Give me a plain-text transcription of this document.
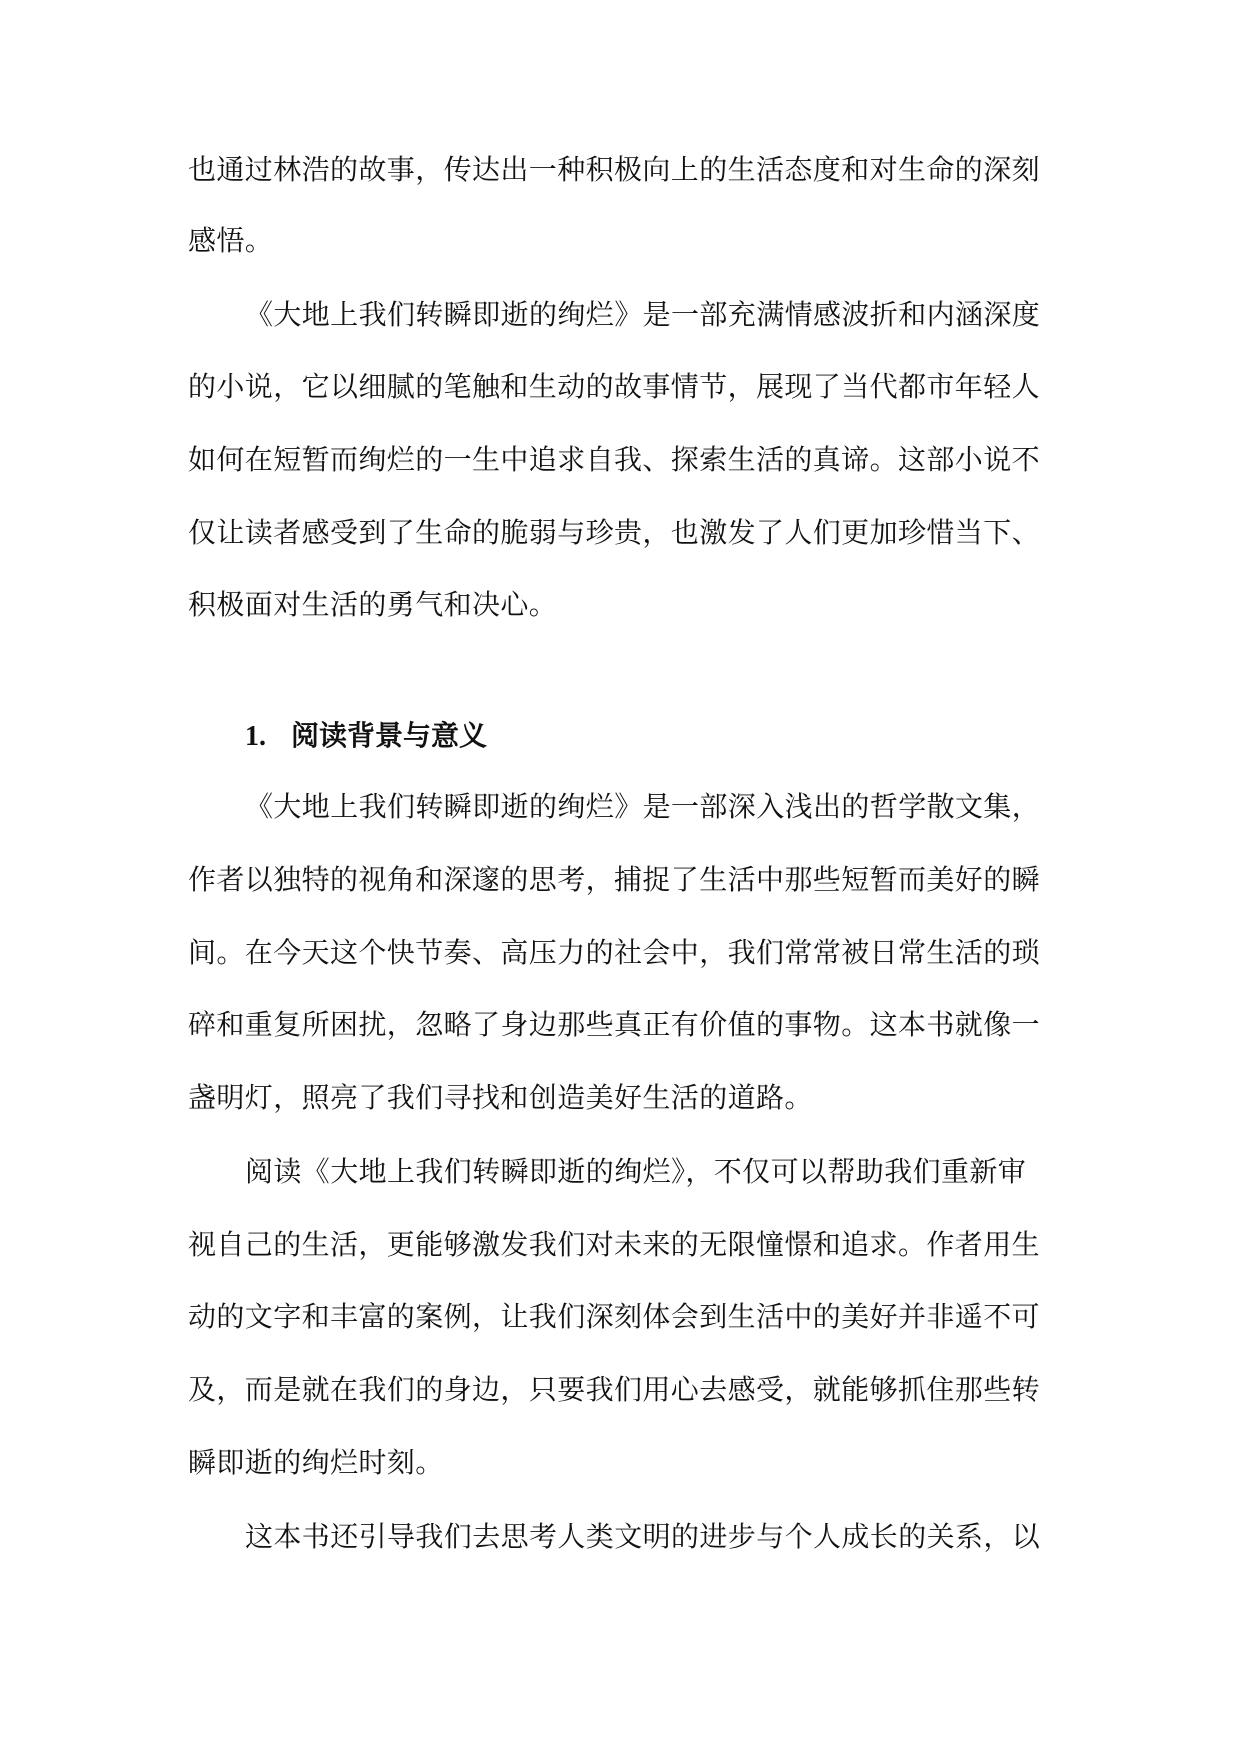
也通过林浩的故事，传达出一种积极向上的生活态度和对生命的深刻
感悟。
《大地上我们转瞬即逝的绚烂》是一部充满情感波折和内涵深度
的小说，它以细腻的笔触和生动的故事情节，展现了当代都市年轻人
如何在短暂而绚烂的一生中追求自我、探索生活的真谛。这部小说不
仅让读者感受到了生命的脆弱与珍贵，也激发了人们更加珍惜当下、
积极面对生活的勇气和决心。
1. 阅读背景与意义
《大地上我们转瞬即逝的绚烂》是一部深入浅出的哲学散文集，
作者以独特的视角和深邃的思考，捕捉了生活中那些短暂而美好的瞬
间。在今天这个快节奏、高压力的社会中，我们常常被日常生活的琐
碎和重复所困扰，忽略了身边那些真正有价值的事物。这本书就像一
盏明灯，照亮了我们寻找和创造美好生活的道路。
阅读《大地上我们转瞬即逝的绚烂》，不仅可以帮助我们重新审
视自己的生活，更能够激发我们对未来的无限憧憬和追求。作者用生
动的文字和丰富的案例，让我们深刻体会到生活中的美好并非遥不可
及，而是就在我们的身边，只要我们用心去感受，就能够抓住那些转
瞬即逝的绚烂时刻。
这本书还引导我们去思考人类文明的进步与个人成长的关系，以
